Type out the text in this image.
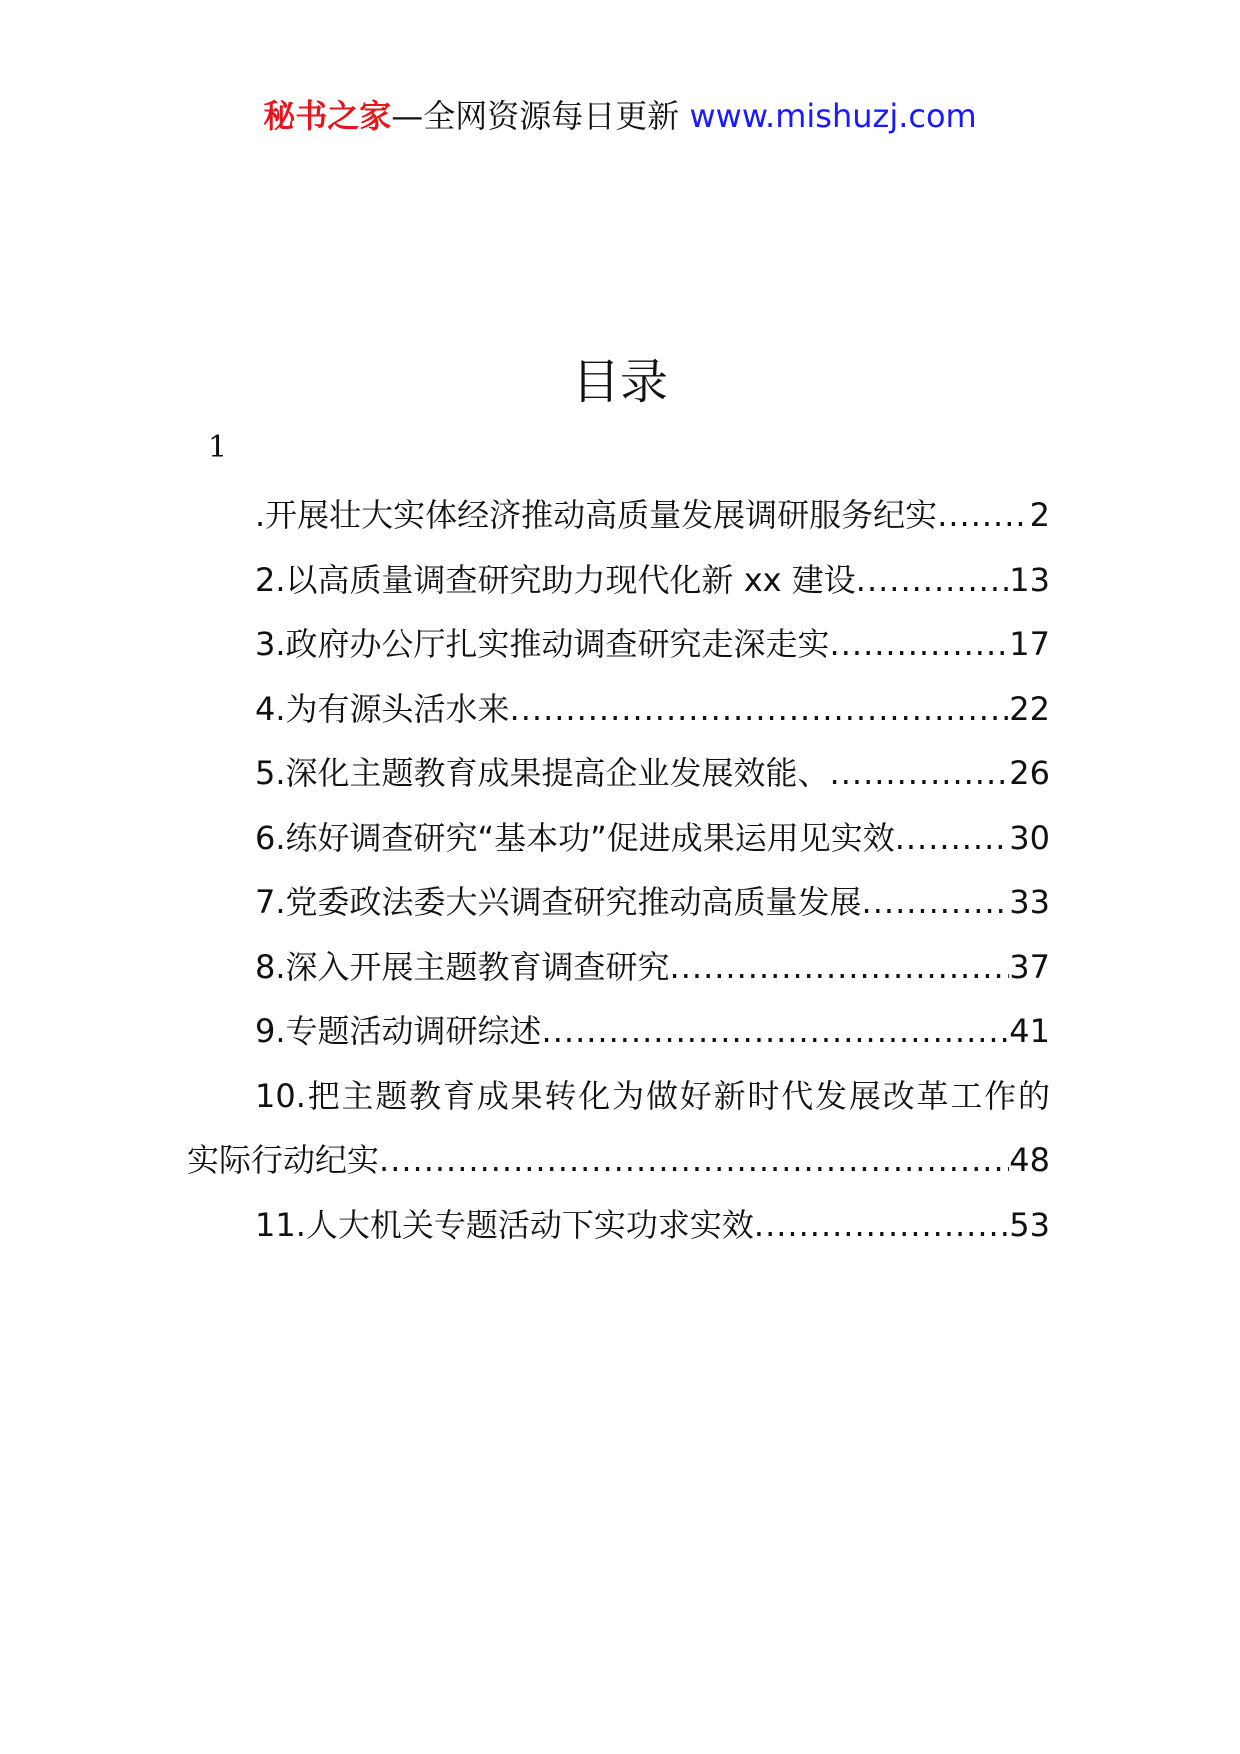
秘书之家—全网资源每日更新 www.mishuzj.com
目录
1
.开展壮大实体经济推动高质量发展调研服务纪实 .....	2
2.以高质量调查研究助力现代化新 xx 建设 .....	13
3.政府办公厅扎实推动调查研究走深走实 .....	17
4.为有源头活水来 .....	22
5.深化主题教育成果提高企业发展效能、 .....	26
6.练好调查研究“基本功”促进成果运用见实效 .....	30
7.党委政法委大兴调查研究推动高质量发展 .....	33
8.深入开展主题教育调查研究 .....	37
9.专题活动调研综述 .....	41
10.把主题教育成果转化为做好新时代发展改革工作的
实际行动纪实 .....	48
11.人大机关专题活动下实功求实效 .....	53
